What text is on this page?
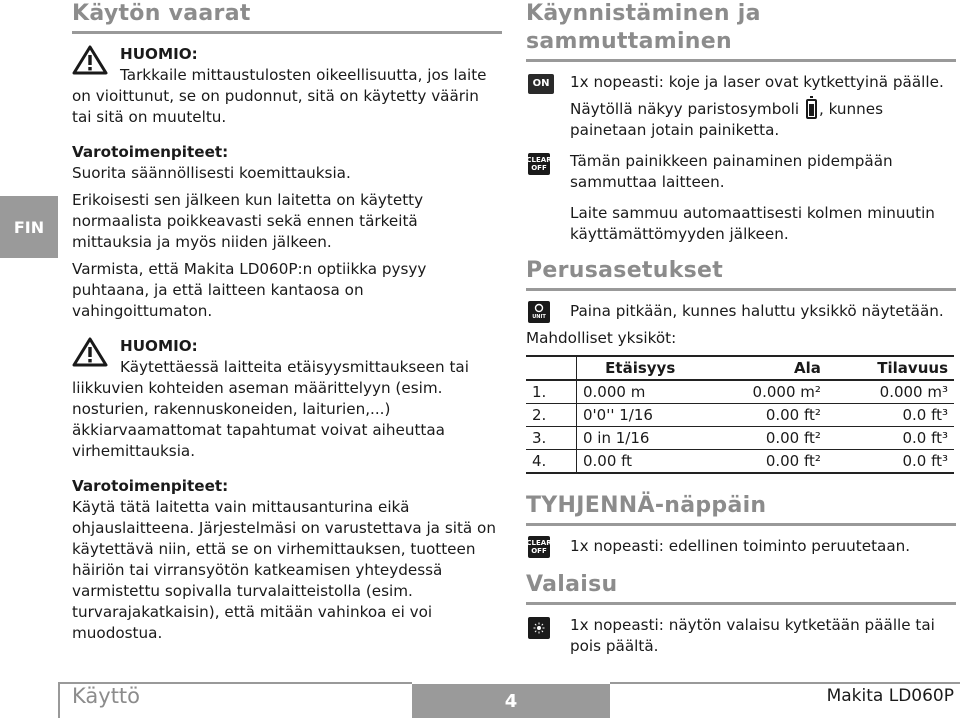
FIN
Käytön vaarat
HUOMIO:

Tarkkaile mittaustulosten oikeellisuutta, jos laite on vioittunut, se on pudonnut, sitä on käytetty väärin tai sitä on muuteltu.

Varotoimenpiteet:

Suorita säännöllisesti koemittauksia.

Erikoisesti sen jälkeen kun laitetta on käytetty normaalista poikkeavasti sekä ennen tärkeitä mittauksia ja myös niiden jälkeen.

Varmista, että Makita LD060P:n optiikka pysyy puhtaana, ja että laitteen kantaosa on vahingoittumaton.

HUOMIO:

Käytettäessä laitteita etäisyysmittaukseen tai liikkuvien kohteiden aseman määrittelyyn (esim. nosturien, rakennuskoneiden, laiturien,...) äkkiarvaamattomat tapahtumat voivat aiheuttaa virhemittauksia.

Varotoimenpiteet:

Käytä tätä laitetta vain mittausanturina eikä ohjauslaitteena. Järjestelmäsi on varustettava ja sitä on käytettävä niin, että se on virhemittauksen, tuotteen häiriön tai virransyötön katkeamisen yhteydessä varmistettu sopivalla turvalaitteistolla (esim. turvarajakatkaisin), että mitään vahinkoa ei voi muodostua.

Käynnistäminen ja sammuttaminen
ON 1x nopeasti: koje ja laser ovat kytkettyinä päälle.

Näytöllä näkyy paristosymboli , kunnes painetaan jotain painiketta.

CLEAR
OFF Tämän painikkeen painaminen pidempään sammuttaa laitteen.

Laite sammuu automaattisesti kolmen minuutin käyttämättömyyden jälkeen.

Perusasetukset
UNIT Paina pitkään, kunnes haluttu yksikkö näytetään.

Mahdolliset yksiköt:

	Etäisyys	Ala	Tilavuus
1.	0.000 m	0.000 m²	0.000 m³
2.	0'0'' 1/16	0.00 ft²	0.0 ft³
3.	0 in 1/16	0.00 ft²	0.0 ft³
4.	0.00 ft	0.00 ft²	0.0 ft³
TYHJENNÄ-näppäin
CLEAR
OFF 1x nopeasti: edellinen toiminto peruutetaan.

Valaisu

1x nopeasti: näytön valaisu kytketään päälle tai pois päältä.

Käyttö	4	Makita LD060P
